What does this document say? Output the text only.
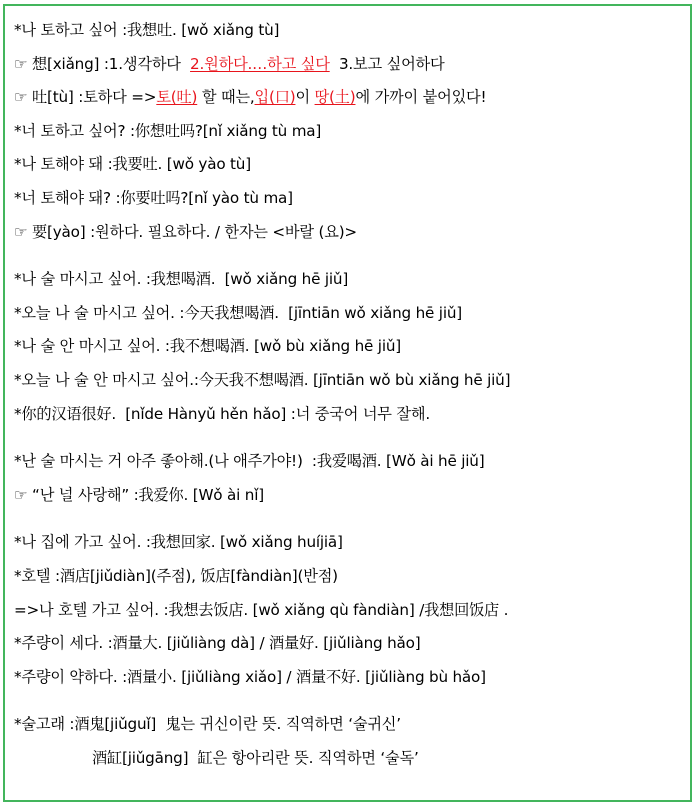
*나 토하고 싶어 :我想吐. [wǒ xiǎng tù]
☞ 想[xiǎng] :1.생각하다  2.원하다.…하고 싶다  3.보고 싶어하다
☞ 吐[tù] :토하다 =>토(吐) 할 때는,입(口)이 땅(土)에 가까이 붙어있다!
*너 토하고 싶어? :你想吐吗?[nǐ xiǎng tù ma]
*나 토해야 돼 :我要吐. [wǒ yào tù]
*너 토해야 돼? :你要吐吗?[nǐ yào tù ma]
☞ 要[yào] :원하다. 필요하다. / 한자는 <바랄 (요)>
*나 술 마시고 싶어. :我想喝酒.  [wǒ xiǎng hē jiǔ]
*오늘 나 술 마시고 싶어. :今天我想喝酒.  [jīntiān wǒ xiǎng hē jiǔ]
*나 술 안 마시고 싶어. :我不想喝酒. [wǒ bù xiǎng hē jiǔ]
*오늘 나 술 안 마시고 싶어.:今天我不想喝酒. [jīntiān wǒ bù xiǎng hē jiǔ]
*你的汉语很好.  [nǐde Hànyǔ hěn hǎo] :너 중국어 너무 잘해.
*난 술 마시는 거 아주 좋아해.(나 애주가야!)  :我爱喝酒. [Wǒ ài hē jiǔ]
☞ “난 널 사랑해” :我爱你. [Wǒ ài nǐ]
*나 집에 가고 싶어. :我想回家. [wǒ xiǎng huíjiā]
*호텔 :酒店[jiǔdiàn](주점), 饭店[fàndiàn](반점)
=>나 호텔 가고 싶어. :我想去饭店. [wǒ xiǎng qù fàndiàn] /我想回饭店 .
*주량이 세다. :酒量大. [jiǔliàng dà] / 酒量好. [jiǔliàng hǎo]
*주량이 약하다. :酒量小. [jiǔliàng xiǎo] / 酒量不好. [jiǔliàng bù hǎo]
*술고래 :酒鬼[jiǔguǐ]  鬼는 귀신이란 뜻. 직역하면 ‘술귀신’
酒缸[jiǔgāng]  缸은 항아리란 뜻. 직역하면 ‘술독’
